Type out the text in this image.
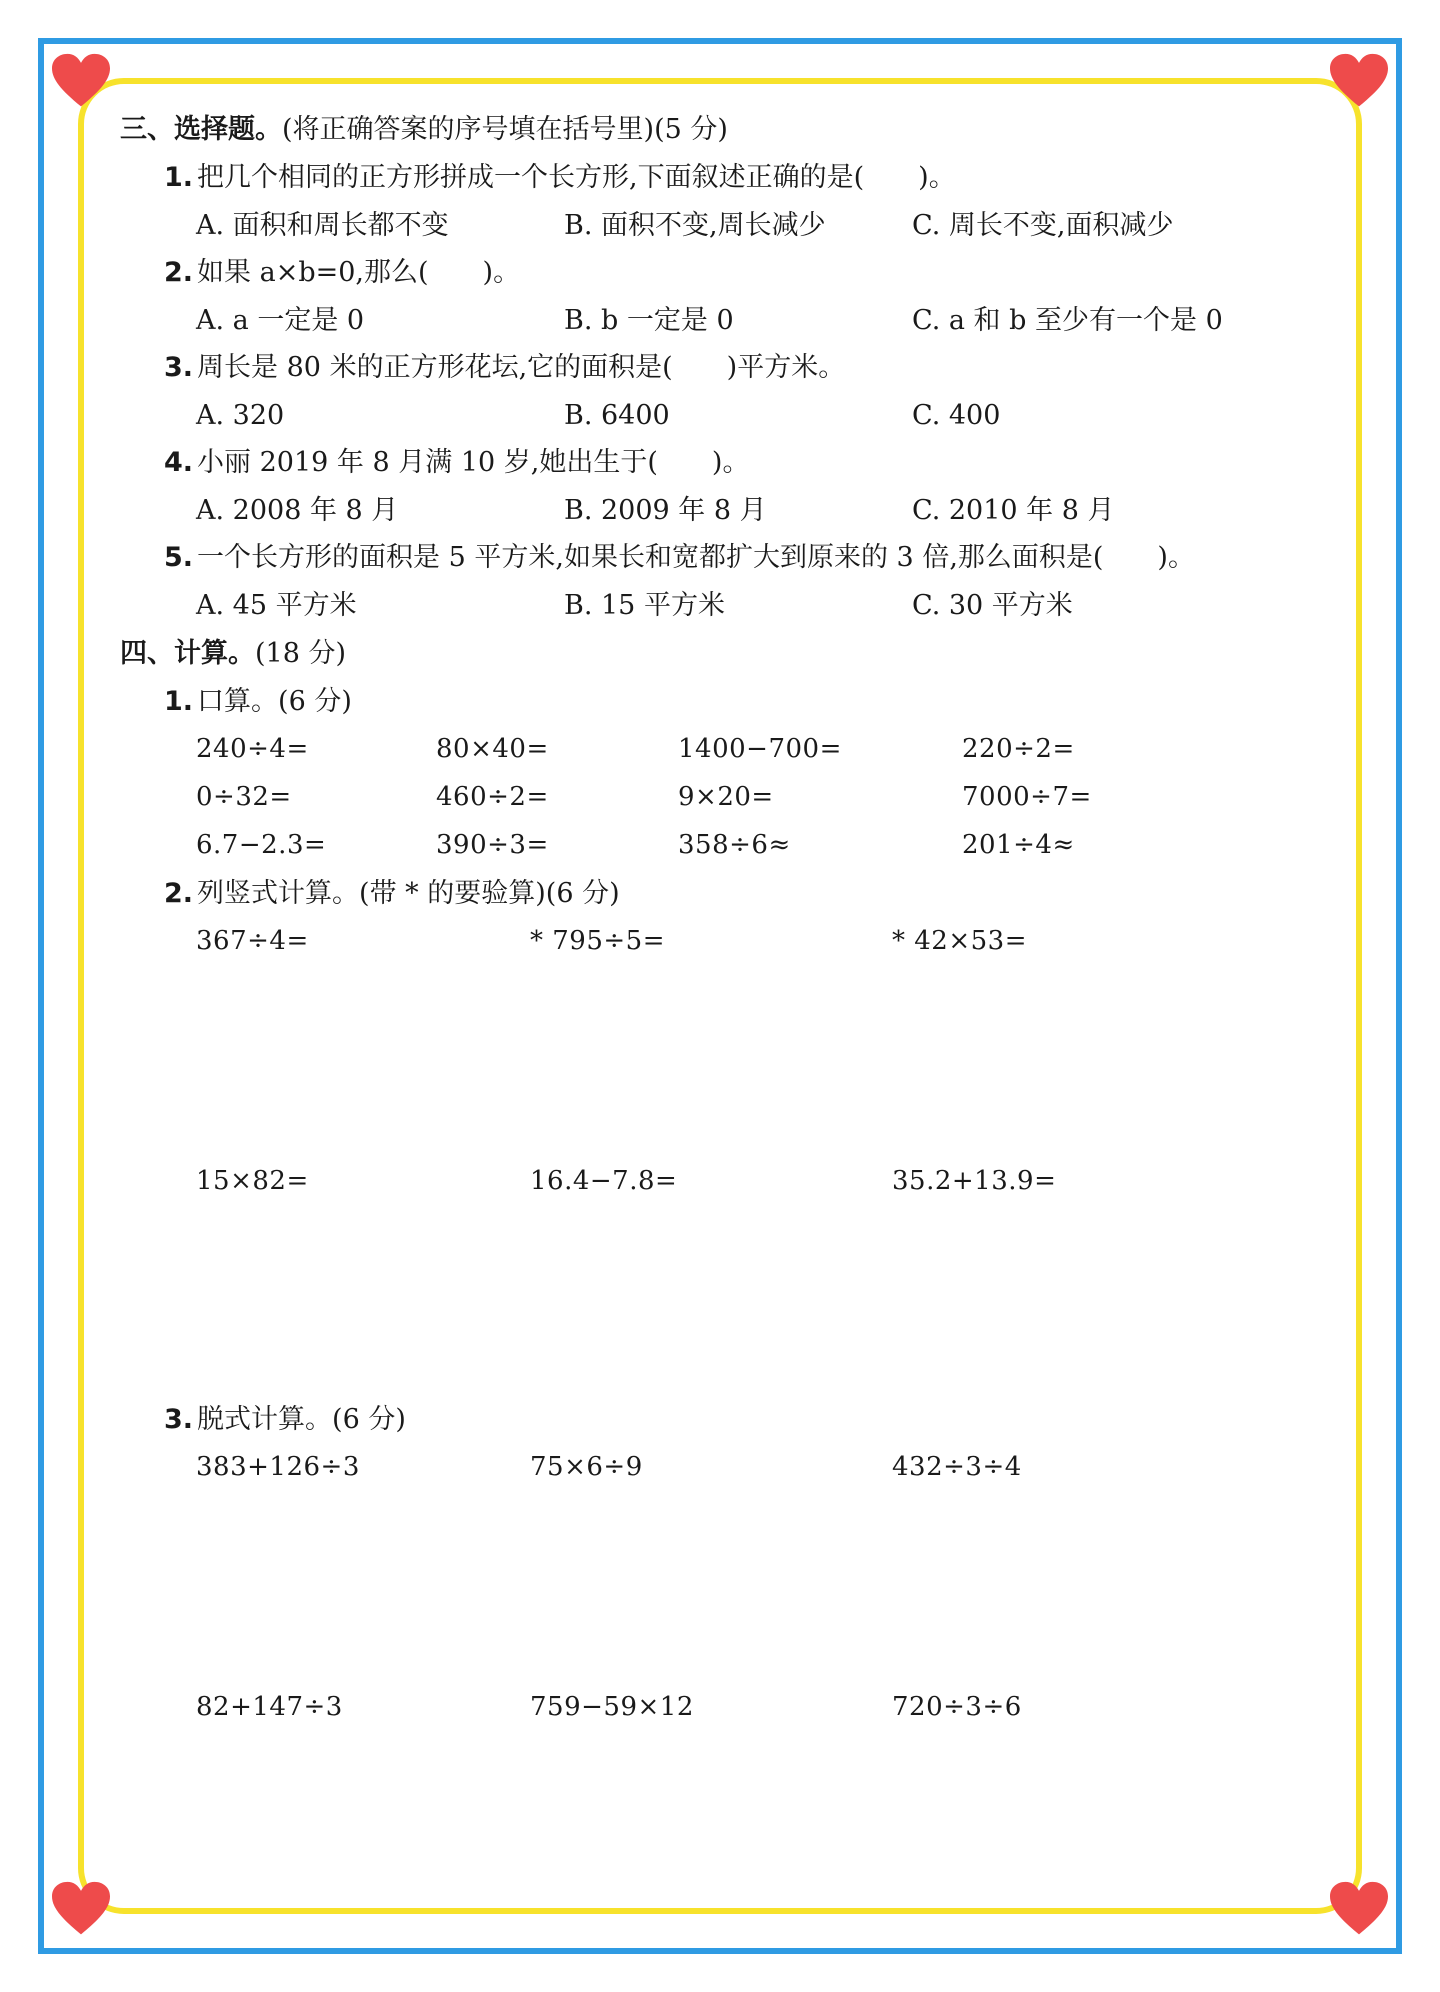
三、选择题。(将正确答案的序号填在括号里)(5 分)
1. 把几个相同的正方形拼成一个长方形,下面叙述正确的是(　　)。
A. 面积和周长都不变	B. 面积不变,周长减少	C. 周长不变,面积减少
2. 如果 a×b=0,那么(　　)。
A. a 一定是 0	B. b 一定是 0	C. a 和 b 至少有一个是 0
3. 周长是 80 米的正方形花坛,它的面积是(　　)平方米。
A. 320	B. 6400	C. 400
4. 小丽 2019 年 8 月满 10 岁,她出生于(　　)。
A. 2008 年 8 月	B. 2009 年 8 月	C. 2010 年 8 月
5. 一个长方形的面积是 5 平方米,如果长和宽都扩大到原来的 3 倍,那么面积是(　　)。
A. 45 平方米	B. 15 平方米	C. 30 平方米
四、计算。(18 分)
1. 口算。(6 分)
240÷4=	80×40=	1400−700=	220÷2=
0÷32=	460÷2=	9×20=	7000÷7=
6.7−2.3=	390÷3=	358÷6≈	201÷4≈
2. 列竖式计算。(带 * 的要验算)(6 分)
367÷4=	* 795÷5=	* 42×53=
15×82=	16.4−7.8=	35.2+13.9=
3. 脱式计算。(6 分)
383+126÷3	75×6÷9	432÷3÷4
82+147÷3	759−59×12	720÷3÷6
